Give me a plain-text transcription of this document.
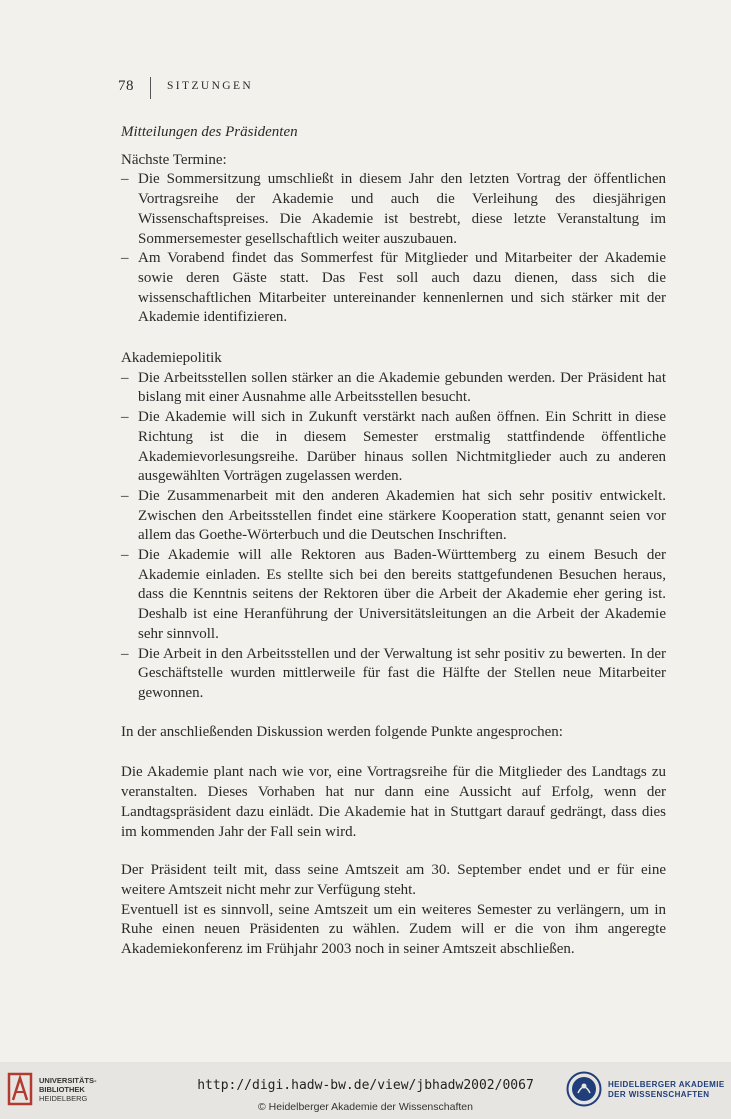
78	SITZUNGEN
Mitteilungen des Präsidenten
Nächste Termine:
– Die Sommersitzung umschließt in diesem Jahr den letzten Vortrag der öffentlichen Vortragsreihe der Akademie und auch die Verleihung des diesjährigen Wissenschaftspreises. Die Akademie ist bestrebt, diese letzte Veranstaltung im Sommersemester gesellschaftlich weiter auszubauen.
– Am Vorabend findet das Sommerfest für Mitglieder und Mitarbeiter der Akademie sowie deren Gäste statt. Das Fest soll auch dazu dienen, dass sich die wissenschaftlichen Mitarbeiter untereinander kennenlernen und sich stärker mit der Akademie identifizieren.
Akademiepolitik
– Die Arbeitsstellen sollen stärker an die Akademie gebunden werden. Der Präsident hat bislang mit einer Ausnahme alle Arbeitsstellen besucht.
– Die Akademie will sich in Zukunft verstärkt nach außen öffnen. Ein Schritt in diese Richtung ist die in diesem Semester erstmalig stattfindende öffentliche Akademievorlesungsreihe. Darüber hinaus sollen Nichtmitglieder auch zu anderen ausgewählten Vorträgen zugelassen werden.
– Die Zusammenarbeit mit den anderen Akademien hat sich sehr positiv entwickelt. Zwischen den Arbeitsstellen findet eine stärkere Kooperation statt, genannt seien vor allem das Goethe-Wörterbuch und die Deutschen Inschriften.
– Die Akademie will alle Rektoren aus Baden-Württemberg zu einem Besuch der Akademie einladen. Es stellte sich bei den bereits stattgefundenen Besuchen heraus, dass die Kenntnis seitens der Rektoren über die Arbeit der Akademie eher gering ist. Deshalb ist eine Heranführung der Universitätsleitungen an die Arbeit der Akademie sehr sinnvoll.
– Die Arbeit in den Arbeitsstellen und der Verwaltung ist sehr positiv zu bewerten. In der Geschäftstelle wurden mittlerweile für fast die Hälfte der Stellen neue Mitarbeiter gewonnen.

In der anschließenden Diskussion werden folgende Punkte angesprochen:

Die Akademie plant nach wie vor, eine Vortragsreihe für die Mitglieder des Landtags zu veranstalten. Dieses Vorhaben hat nur dann eine Aussicht auf Erfolg, wenn der Landtagspräsident dazu einlädt. Die Akademie hat in Stuttgart darauf gedrängt, dass dies im kommenden Jahr der Fall sein wird.

Der Präsident teilt mit, dass seine Amtszeit am 30. September endet und er für eine weitere Amtszeit nicht mehr zur Verfügung steht.

Eventuell ist es sinnvoll, seine Amtszeit um ein weiteres Semester zu verlängern, um in Ruhe einen neuen Präsidenten zu wählen. Zudem will er die von ihm angeregte Akademiekonferenz im Frühjahr 2003 noch in seiner Amtszeit abschließen.

UNIVERSITÄTS-
BIBLIOTHEK
HEIDELBERG
http://digi.hadw-bw.de/view/jbhadw2002/0067
© Heidelberger Akademie der Wissenschaften
HEIDELBERGER AKADEMIE
DER WISSENSCHAFTEN
